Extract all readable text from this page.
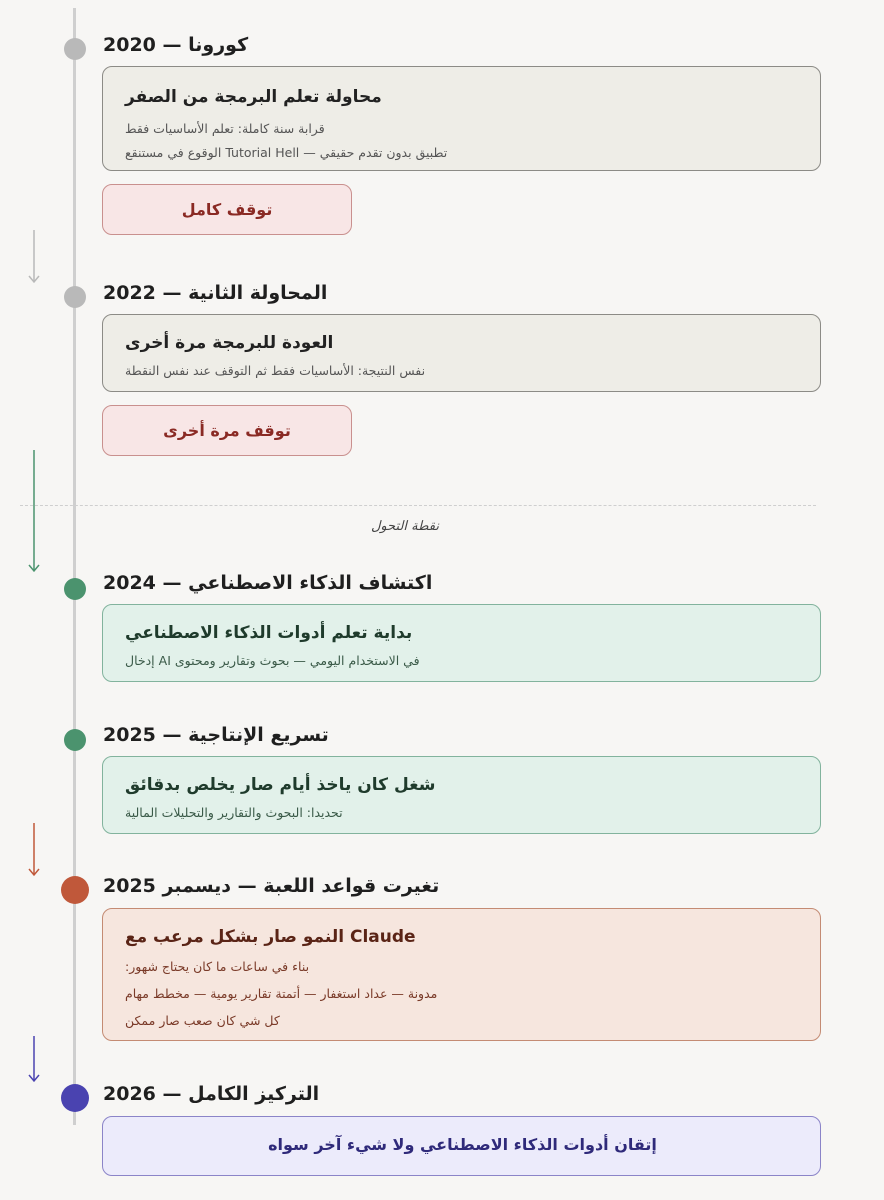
2020 — كورونا
محاولة تعلم البرمجة من الصفر
قرابة سنة كاملة: تعلم الأساسيات فقط
تطبيق بدون تقدم حقيقي — Tutorial Hell الوقوع في مستنقع
توقف كامل
2022 — المحاولة الثانية
العودة للبرمجة مرة أخرى
نفس النتيجة: الأساسيات فقط ثم التوقف عند نفس النقطة
توقف مرة أخرى
نقطة التحول
2024 — اكتشاف الذكاء الاصطناعي
بداية تعلم أدوات الذكاء الاصطناعي
في الاستخدام اليومي — بحوث وتقارير ومحتوى AI إدخال
2025 — تسريع الإنتاجية
شغل كان ياخذ أيام صار يخلص بدقائق
تحديدا: البحوث والتقارير والتحليلات المالية
ديسمبر 2025 — تغيرت قواعد اللعبة
Claude النمو صار بشكل مرعب مع
بناء في ساعات ما كان يحتاج شهور:
مدونة — عداد استغفار — أتمتة تقارير يومية — مخطط مهام
كل شي كان صعب صار ممكن
2026 — التركيز الكامل
إتقان أدوات الذكاء الاصطناعي ولا شيء آخر سواه
